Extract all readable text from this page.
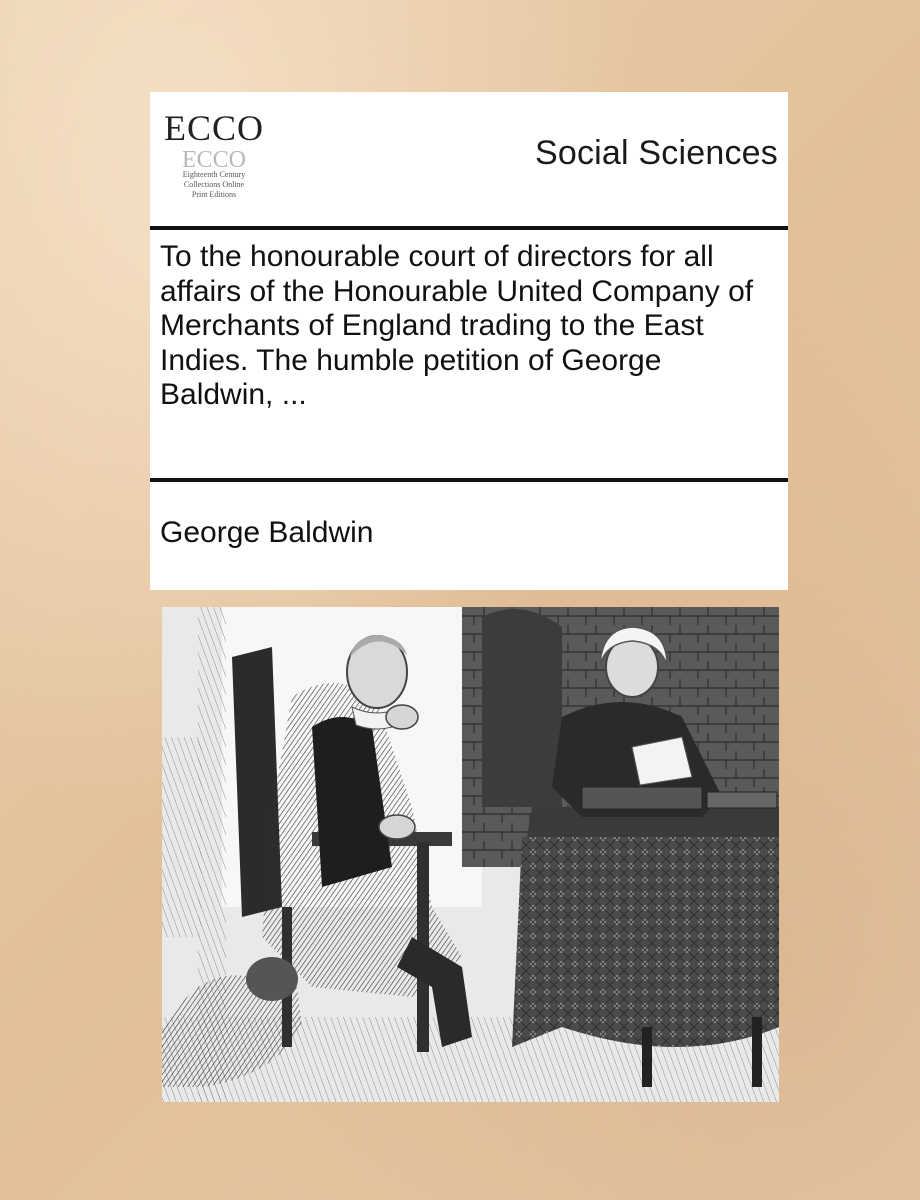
ECCO
ECCO
Eighteenth Century
Collections Online
Print Editions
Social Sciences
To the honourable court of directors for all affairs of the Honourable United Company of Merchants of England trading to the East Indies. The humble petition of George Baldwin, ...
George Baldwin
